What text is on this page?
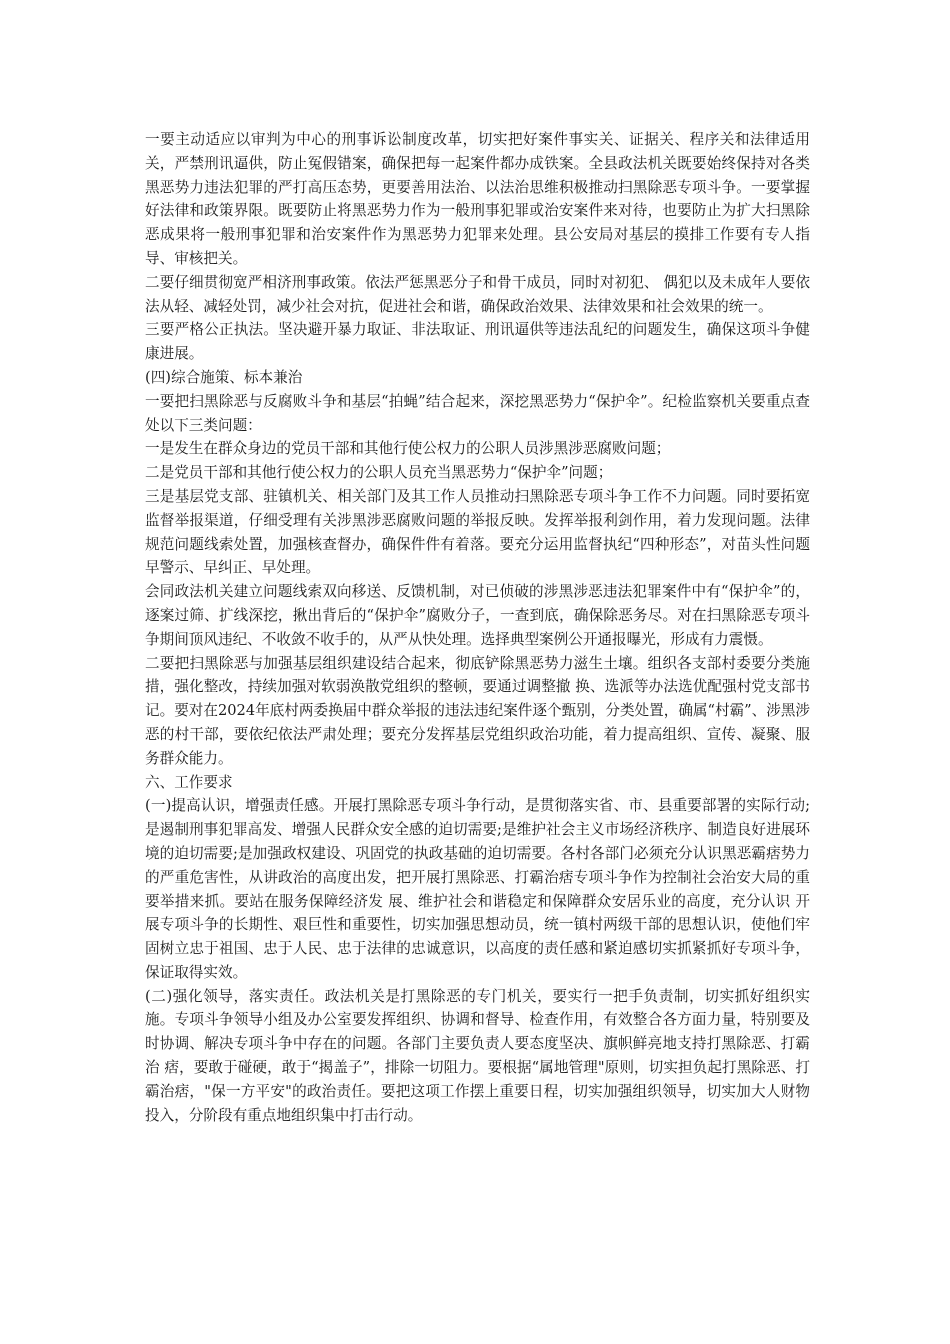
一要主动适应以审判为中心的刑事诉讼制度改革，切实把好案件事实关、证据关、程序关和法律适用关，严禁刑讯逼供，防止冤假错案，确保把每一起案件都办成铁案。全县政法机关既要始终保持对各类黑恶势力违法犯罪的严打高压态势，更要善用法治、以法治思维积极推动扫黑除恶专项斗争。一要掌握好法律和政策界限。既要防止将黑恶势力作为一般刑事犯罪或治安案件来对待，也要防止为扩大扫黑除恶成果将一般刑事犯罪和治安案件作为黑恶势力犯罪来处理。县公安局对基层的摸排工作要有专人指导、审核把关。

二要仔细贯彻宽严相济刑事政策。依法严惩黑恶分子和骨干成员，同时对初犯、 偶犯以及未成年人要依法从轻、减轻处罚，减少社会对抗，促进社会和谐，确保政治效果、法律效果和社会效果的统一。

三要严格公正执法。坚决避开暴力取证、非法取证、刑讯逼供等违法乱纪的问题发生，确保这项斗争健康进展。

(四)综合施策、标本兼治

一要把扫黑除恶与反腐败斗争和基层“拍蝇”结合起来，深挖黑恶势力“保护伞”。纪检监察机关要重点查处以下三类问题：

一是发生在群众身边的党员干部和其他行使公权力的公职人员涉黑涉恶腐败问题；

二是党员干部和其他行使公权力的公职人员充当黑恶势力“保护伞”问题；

三是基层党支部、驻镇机关、相关部门及其工作人员推动扫黑除恶专项斗争工作不力问题。同时要拓宽监督举报渠道，仔细受理有关涉黑涉恶腐败问题的举报反映。发挥举报利剑作用，着力发现问题。法律规范问题线索处置，加强核查督办，确保件件有着落。要充分运用监督执纪“四种形态”，对苗头性问题早警示、早纠正、早处理。

会同政法机关建立问题线索双向移送、反馈机制，对已侦破的涉黑涉恶违法犯罪案件中有“保护伞”的，逐案过筛、扩线深挖，揪出背后的“保护伞”腐败分子，一查到底，确保除恶务尽。对在扫黑除恶专项斗争期间顶风违纪、不收敛不收手的，从严从快处理。选择典型案例公开通报曝光，形成有力震慑。

二要把扫黑除恶与加强基层组织建设结合起来，彻底铲除黑恶势力滋生土壤。组织各支部村委要分类施措，强化整改，持续加强对软弱涣散党组织的整顿，要通过调整撤 换、选派等办法选优配强村党支部书记。要对在2024年底村两委换届中群众举报的违法违纪案件逐个甄别，分类处置，确属“村霸”、涉黑涉恶的村干部，要依纪依法严肃处理；要充分发挥基层党组织政治功能，着力提高组织、宣传、凝聚、服务群众能力。

六、工作要求

(一)提高认识，增强责任感。开展打黑除恶专项斗争行动，是贯彻落实省、市、县重要部署的实际行动;是遏制刑事犯罪高发、增强人民群众安全感的迫切需要;是维护社会主义市场经济秩序、制造良好进展环境的迫切需要;是加强政权建设、巩固党的执政基础的迫切需要。各村各部门必须充分认识黑恶霸痞势力的严重危害性，从讲政治的高度出发，把开展打黑除恶、打霸治痞专项斗争作为控制社会治安大局的重要举措来抓。要站在服务保障经济发 展、维护社会和谐稳定和保障群众安居乐业的高度，充分认识 开展专项斗争的长期性、艰巨性和重要性，切实加强思想动员，统一镇村两级干部的思想认识，使他们牢固树立忠于祖国、忠于人民、忠于法律的忠诚意识，以高度的责任感和紧迫感切实抓紧抓好专项斗争，保证取得实效。

(二)强化领导，落实责任。政法机关是打黑除恶的专门机关，要实行一把手负责制，切实抓好组织实施。专项斗争领导小组及办公室要发挥组织、协调和督导、检查作用，有效整合各方面力量，特别要及时协调、解决专项斗争中存在的问题。各部门主要负责人要态度坚决、旗帜鲜亮地支持打黑除恶、打霸治 痞，要敢于碰硬，敢于“揭盖子”，排除一切阻力。要根据“属地管理"原则，切实担负起打黑除恶、打霸治痞，"保一方平安"的政治责任。要把这项工作摆上重要日程，切实加强组织领导，切实加大人财物投入，分阶段有重点地组织集中打击行动。
